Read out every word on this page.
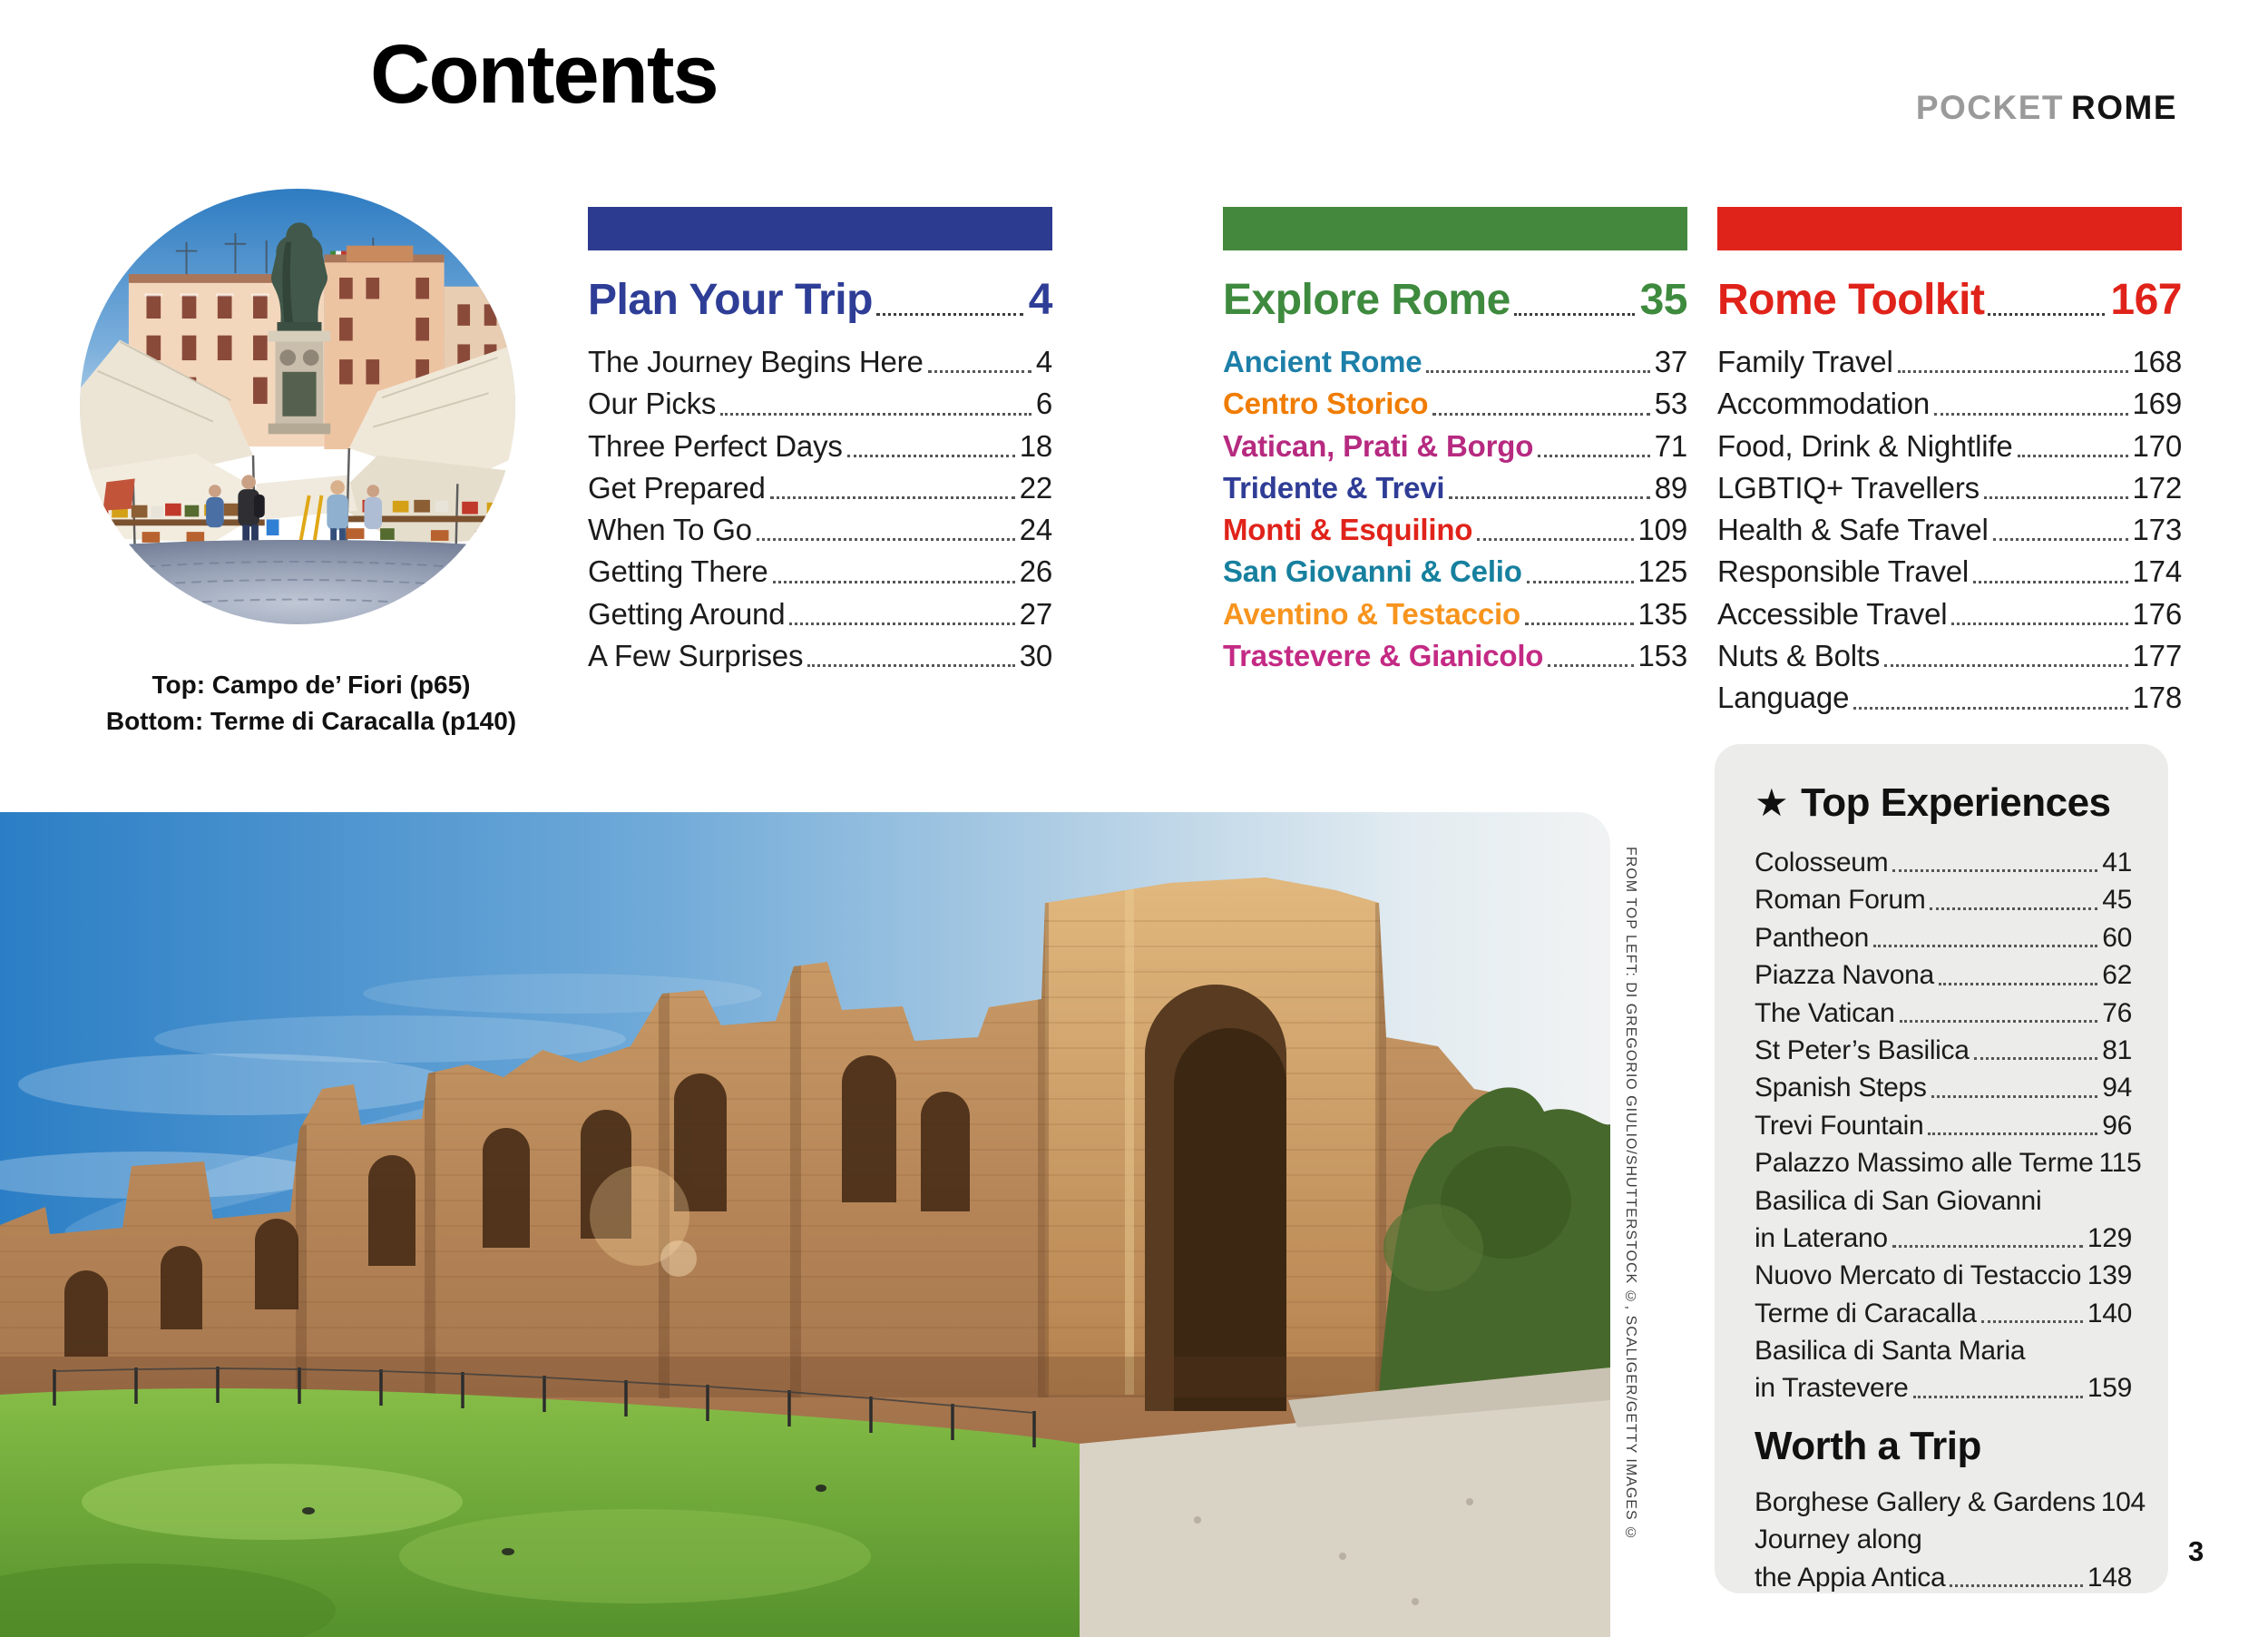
Contents	POCKET ROME
Top: Campo de’ Fiori (p65)
Bottom: Terme di Caracalla (p140)
Plan Your Trip	4
The Journey Begins Here	4
Our Picks	6
Three Perfect Days	18
Get Prepared	22
When To Go	24
Getting There	26
Getting Around	27
A Few Surprises	30
Explore Rome	35
Ancient Rome	37
Centro Storico	53
Vatican, Prati & Borgo	71
Tridente & Trevi	89
Monti & Esquilino	109
San Giovanni & Celio	125
Aventino & Testaccio	135
Trastevere & Gianicolo	153
Rome Toolkit	167
Family Travel	168
Accommodation	169
Food, Drink & Nightlife	170
LGBTIQ+ Travellers	172
Health & Safe Travel	173
Responsible Travel	174
Accessible Travel	176
Nuts & Bolts	177
Language	178
★ Top Experiences
Colosseum	41
Roman Forum	45
Pantheon	60
Piazza Navona	62
The Vatican	76
St Peter’s Basilica	81
Spanish Steps	94
Trevi Fountain	96
Palazzo Massimo alle Terme 115
Basilica di San Giovanni
in Laterano	129
Nuovo Mercato di Testaccio 139
Terme di Caracalla	140
Basilica di Santa Maria
in Trastevere	159
Worth a Trip
Borghese Gallery & Gardens 104
Journey along
the Appia Antica	148
FROM TOP LEFT: DI GREGORIO GIULIO/SHUTTERSTOCK ©, SCALIGER/GETTY IMAGES ©
3
